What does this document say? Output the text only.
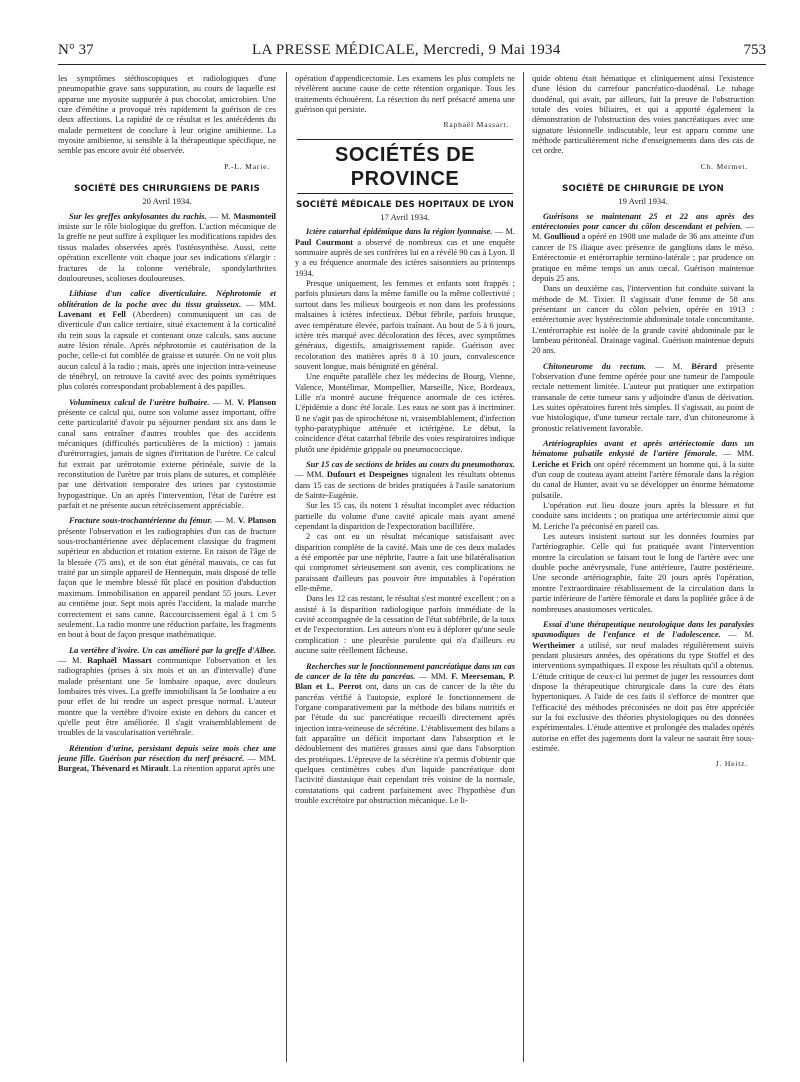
N° 37	LA PRESSE MÉDICALE, Mercredi, 9 Mai 1934	753

les symptômes stéthoscopiques et radiologiques d'une pneumopathie grave sans suppuration, au cours de laquelle est apparue une myosite suppurée à pus chocolat, amicrobien. Une cure d'émétine a provoqué très rapidement la guérison de ces deux affections. La rapidité de ce résultat et les antécédents du malade permettent de conclure à leur origine amibienne. La myosite amibienne, si sensible à la thérapeutique spécifique, ne semble pas encore avoir été observée.

P.-L. Marie.
SOCIÉTÉ DES CHIRURGIENS DE PARIS
20 Avril 1934.

Sur les greffes ankylosantes du rachis. — M. Masmonteil insiste sur le rôle biologique du greffon. L'action mécanique de la greffe ne peut suffire à expliquer les modifications rapides des tissus malades observées après l'ostéosynthèse. Aussi, cette opération excellente voit chaque jour ses indications s'élargir : fractures de la colonne vertébrale, spondylarthrites douloureuses, scolioses douloureuses.

Lithiase d'un calice diverticulaire. Néphrotomie et oblitération de la poche avec du tissu graisseux. — MM. Lavenant et Fell (Aberdeen) communiquent un cas de diverticule d'un calice tertiaire, situé exactement à la corticalité du rein sous la capsule et contenant onze calculs, sans aucune autre lésion rénale. Après néphrotomie et cautérisation de la poche, celle-ci fut comblée de graisse et suturée. On ne voit plus aucun calcul à la radio ; mais, après une injection intra-veineuse de ténébryl, on retrouve la cavité avec des points symétriques plus colorés correspondant probablement à des papilles.

Volumineux calcul de l'urètre bulbaire. — M. V. Planson présente ce calcul qui, outre son volume assez important, offre cette particularité d'avoir pu séjourner pendant six ans dans le canal sans entraîner d'autres troubles que des accidents mécaniques (difficultés particulières de la miction) : jamais d'urétrorragies, jamais de signes d'irritation de l'urètre. Ce calcul fut extrait par urétrotomie externe périnéale, suivie de la reconstitution de l'urètre par trois plans de sutures, et complétée par une dérivation temporaire des urines par cystostomie hypogastrique. Un an après l'intervention, l'état de l'urètre est parfait et ne présente aucun rétrécissement appréciable.

Fracture sous-trochantérienne du fémur. — M. V. Planson présente l'observation et les radiographies d'un cas de fracture sous-trochantérienne avec déplacement classique du fragment supérieur en abduction et rotation externe. En raison de l'âge de la blessée (75 ans), et de son état général mauvais, ce cas fut traité par un simple appareil de Hennequin, mais disposé de telle façon que le membre blessé fût placé en position d'abduction maximum. Immobilisation en appareil pendant 55 jours. Lever au centième jour. Sept mois après l'accident, la malade marche correctement et sans canne. Raccourcissement égal à 1 cm 5 seulement. La radio montre une réduction parfaite, les fragments en bout à bout de façon presque mathématique.

La vertèbre d'ivoire. Un cas amélioré par la greffe d'Albee. — M. Raphaël Massart communique l'observation et les radiographies (prises à six mois et un an d'intervalle) d'une malade présentant une 5e lombaire opaque, avec douleurs lombaires très vives. La greffe immobilisant la 5e lombaire a eu pour effet de lui rendre un aspect presque normal. L'auteur montre que la vertèbre d'ivoire existe en dehors du cancer et qu'elle peut être améliorée. Il s'agit vraisemblablement de troubles de la vascularisation vertébrale.

Rétention d'urine, persistant depuis seize mois chez une jeune fille. Guérison par résection du nerf présacré. — MM. Burgeat, Thévenard et Mirault. La rétention apparut après une

opération d'appendicectomie. Les examens les plus complets ne révélèrent aucune cause de cette rétention organique. Tous les traitements échouèrent. La résection du nerf présacré amena une guérison qui persiste.

Raphaël Massart.
SOCIÉTÉS DE PROVINCE
SOCIÉTÉ MÉDICALE DES HOPITAUX DE LYON
17 Avril 1934.

Ictère catarrhal épidémique dans la région lyonnaise. — M. Paul Courmont a observé de nombreux cas et une enquête sommaire auprès de ses confrères lui en a révélé 90 cas à Lyon. Il y a eu fréquence anormale des ictères saisonniers au printemps 1934.

Presque uniquement, les femmes et enfants sont frappés ; parfois plusieurs dans la même famille ou la même collectivité ; surtout dans les milieux bourgeois et non dans les professions malsaines à ictères infectieux. Début fébrile, parfois brusque, avec température élevée, parfois traînant. Au bout de 5 à 6 jours, ictère très marqué avec décoloration des fèces, avec symptômes généraux, digestifs, amaigrissement rapide. Guérison avec recoloration des matières après 8 à 10 jours, convalescence souvent longue, mais bénignité en général.

Une enquête parallèle chez les médecins de Bourg, Vienne, Valence, Montélimar, Montpellier, Marseille, Nice, Bordeaux, Lille n'a montré aucune fréquence anormale de ces ictères. L'épidémie a donc été locale. Les eaux ne sont pas à incriminer. Il ne s'agit pas de spirochétose ni, vraisemblablement, d'infection typho-paratyphique atténuée et ictérigène. Le début, la coïncidence d'état catarrhal fébrile des voies respiratoires indique plutôt une épidémie grippale ou pneumococcique.

Sur 15 cas de sections de brides au cours du pneumothorax. — MM. Dufourt et Despeignes signalent les résultats obtenus dans 15 cas de sections de brides pratiquées à l'asile sanatorium de Sainte-Eugénie.

Sur les 15 cas, ils notent 1 résultat incomplet avec réduction partielle du volume d'une cavité apicale mais ayant amené cependant la disparition de l'expectoration bacillifère.

2 cas ont eu un résultat mécanique satisfaisant avec disparition complète de la cavité. Mais une de ces deux malades a été emportée par une néphrite, l'autre a fait une bilatéralisation qui compromet sérieusement son avenir, ces complications ne paraissant d'ailleurs pas pouvoir être imputables à l'opération elle-même.

Dans les 12 cas restant, le résultat s'est montré excellent ; on a assisté à la disparition radiologique parfois immédiate de la cavité accompagnée de la cessation de l'état subfébrile, de la toux et de l'expectoration. Les auteurs n'ont eu à déplorer qu'une seule complication : une pleurésie purulente qui n'a d'ailleurs eu aucune suite réellement fâcheuse.

Recherches sur le fonctionnement pancréatique dans un cas de cancer de la tête du pancréas. — MM. F. Meerseman, P. Blan et L. Perrot ont, dans un cas de cancer de la tête du pancréas vérifié à l'autopsie, exploré le fonctionnement de l'organe comparativement par la méthode des bilans nutritifs et par l'étude du suc pancréatique recueilli directement après injection intra-veineuse de sécrétine. L'établissement des bilans a fait apparaître un déficit important dans l'absorption et le dédoublement des matières grasses ainsi que dans l'absorption des protéiques. L'épreuve de la sécrétine n'a permis d'obtenir que quelques centimètres cubes d'un liquide pancréatique dont l'activité diastasique était cependant très voisine de la normale, constatations qui cadrent parfaitement avec l'hypothèse d'un trouble excrétoire par obstruction mécanique. Le li-

quide obtenu était hématique et cliniquement ainsi l'existence d'une lésion du carrefour pancréatico-duodénal. Le tubage duodénal, qui avait, par ailleurs, fait la preuve de l'obstruction totale des voies biliaires, et qui a apporté également la démonstration de l'obstruction des voies pancréatiques avec une signature lésionnelle indiscutable, leur est apparu comme une méthode particulièrement riche d'enseignements dans des cas de cet ordre.

Ch. Mermet.
SOCIÉTÉ DE CHIRURGIE DE LYON
19 Avril 1934.

Guérisons se maintenant 25 et 22 ans après des entérectomies pour cancer du côlon descendant et pelvien. — M. Goullioud a opéré en 1908 une malade de 36 ans atteinte d'un cancer de l'S iliaque avec présence de ganglions dans le méso. Entérectomie et entérorraphie termino-latérale ; par prudence on pratique en même temps un anus cæcal. Guérison maintenue depuis 25 ans.

Dans un deuxième cas, l'intervention fut conduite suivant la méthode de M. Tixier. Il s'agissait d'une femme de 58 ans présentant un cancer du côlon pelvien, opérée en 1913 : entérectomie avec hystérectomie abdominale totale concomitante. L'entérorraphie est isolée de la grande cavité abdominale par le lambeau péritonéal. Drainage vaginal. Guérison maintenue depuis 20 ans.

Chitoneurome du rectum. — M. Bérard présente l'observation d'une femme opérée pour une tumeur de l'ampoule rectale nettement limitée. L'auteur put pratiquer une extirpation transanale de cette tumeur sans y adjoindre d'anus de dérivation. Les suites opératoires furent très simples. Il s'agissait, au point de vue histologique, d'une tumeur rectale rare, d'un chitoneurome à pronostic relativement favorable.

Artériographies avant et après artériectomie dans un hématome pulsatile enkysté de l'artère fémorale. — MM. Leriche et Frich ont opéré récemment un homme qui, à la suite d'un coup de couteau ayant atteint l'artère fémorale dans la région du canal de Hunter, avait vu se développer un énorme hématome pulsatile.

L'opération eut lieu douze jours après la blessure et fut conduite sans incidents ; on pratiqua une artériectomie ainsi que M. Leriche l'a préconisé en pareil cas.

Les auteurs insistent surtout sur les données fournies par l'artériographie. Celle qui fut pratiquée avant l'intervention montre la circulation se faisant tout le long de l'artère avec une double poche anévrysmale, l'une antérieure, l'autre postérieure. Une seconde artériographie, faite 20 jours après l'opération, montre l'extraordinaire rétablissement de la circulation dans la partie inférieure de l'artère fémorale et dans la poplitée grâce à de nombreuses anastomoses verticales.

Essai d'une thérapeutique neurologique dans les paralysies spasmodiques de l'enfance et de l'adolescence. — M. Wertheimer a utilisé, sur neuf malades régulièrement suivis pendant plusieurs années, des opérations du type Stoffel et des interventions sympathiques. Il expose les résultats qu'il a obtenus. L'étude critique de ceux-ci lui permet de juger les ressources dont dispose la thérapeutique chirurgicale dans la cure des états hypertoniques. A l'aide de ces faits il s'efforce de montrer que l'efficacité des méthodes préconisées ne doit pas être appréciée sur la foi exclusive des théories physiologiques ou des données expérimentales. L'étude attentive et prolongée des malades opérés autorise en effet des jugements dont la valeur ne saurait être sous-estimée.

J. Heitz.
